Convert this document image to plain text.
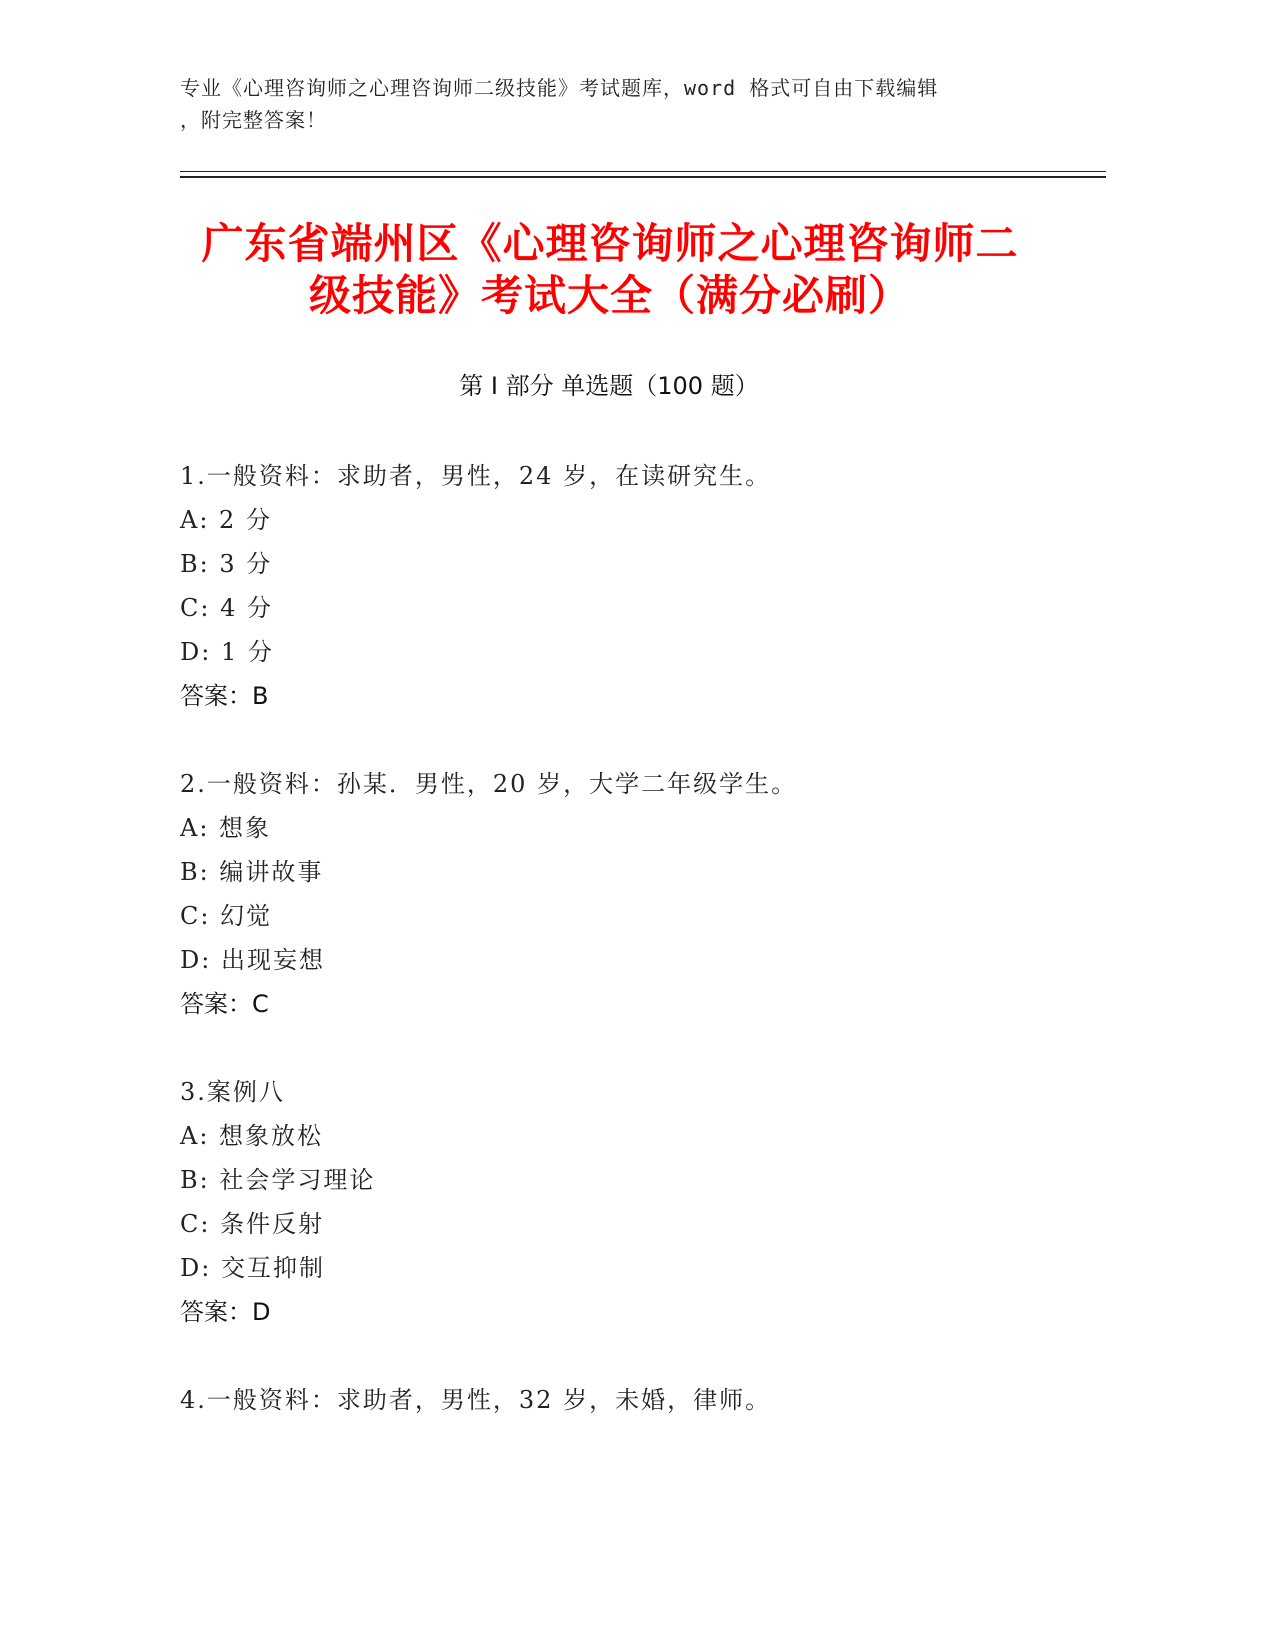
专业《心理咨询师之心理咨询师二级技能》考试题库，word 格式可自由下载编辑
，附完整答案！
广东省端州区《心理咨询师之心理咨询师二
级技能》考试大全（满分必刷）
第 I 部分 单选题（100 题）
1.一般资料：求助者，男性，24 岁，在读研究生。
A: 2 分
B: 3 分
C: 4 分
D: 1 分
答案：B
2.一般资料：孙某．男性，20 岁，大学二年级学生。
A: 想象
B: 编讲故事
C: 幻觉
D: 出现妄想
答案：C
3.案例八
A: 想象放松
B: 社会学习理论
C: 条件反射
D: 交互抑制
答案：D
4.一般资料：求助者，男性，32 岁，未婚，律师。
